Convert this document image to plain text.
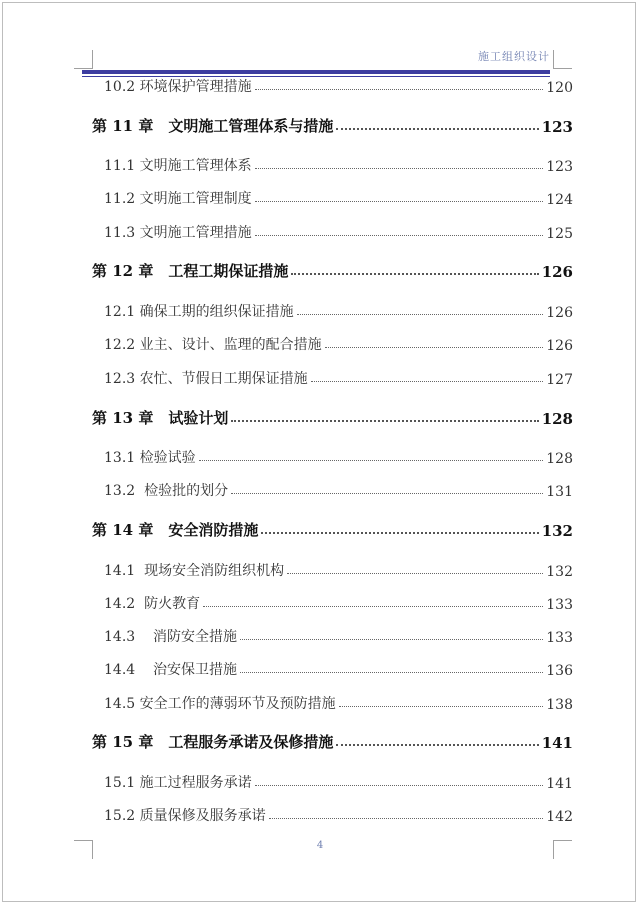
施工组织设计
10.2 环境保护管理措施	120
第 11 章　文明施工管理体系与措施	123
11.1 文明施工管理体系	123
11.2 文明施工管理制度	124
11.3 文明施工管理措施	125
第 12 章　工程工期保证措施	126
12.1 确保工期的组织保证措施	126
12.2 业主、设计、监理的配合措施	126
12.3 农忙、节假日工期保证措施	127
第 13 章　试验计划	128
13.1 检验试验	128
13.2  检验批的划分	131
第 14 章　安全消防措施	132
14.1  现场安全消防组织机构	132
14.2  防火教育	133
14.3    消防安全措施	133
14.4    治安保卫措施	136
14.5 安全工作的薄弱环节及预防措施	138
第 15 章　工程服务承诺及保修措施	141
15.1 施工过程服务承诺	141
15.2 质量保修及服务承诺	142
4
